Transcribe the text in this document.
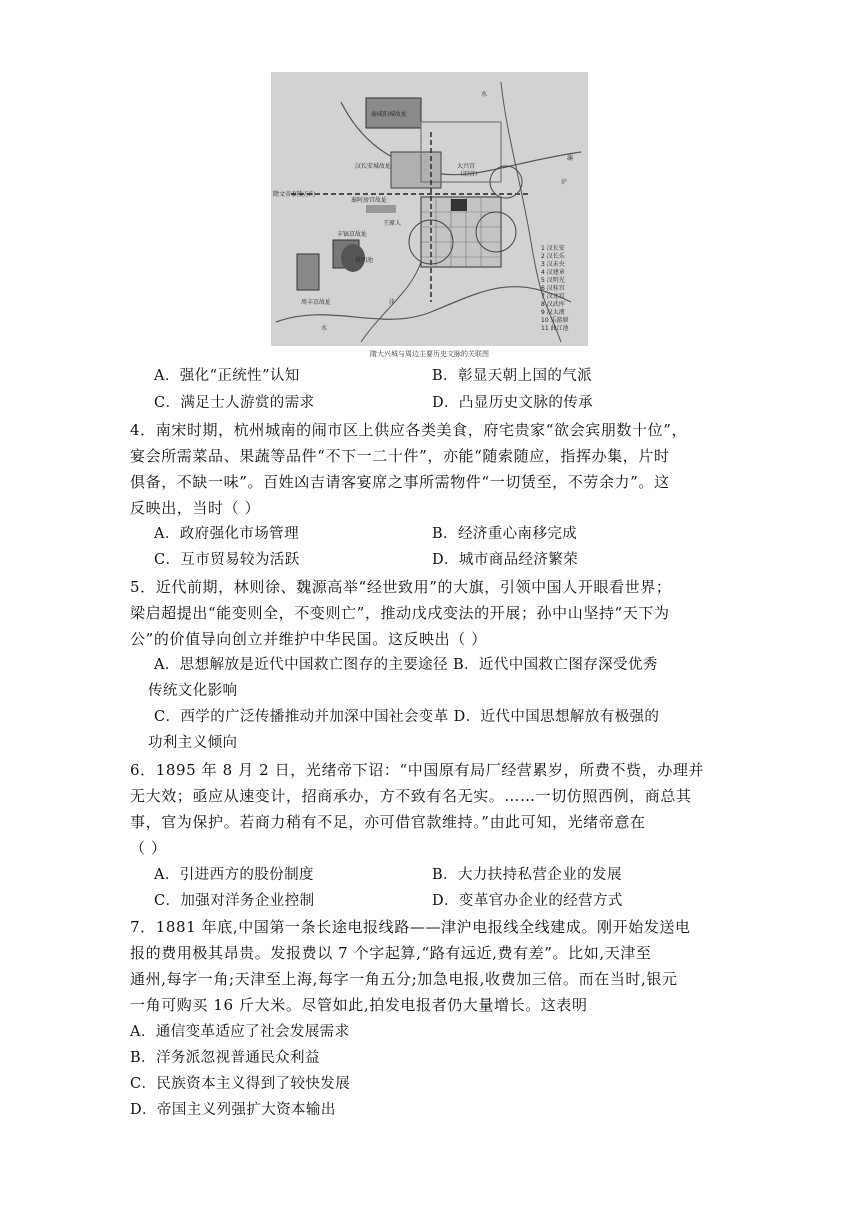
秦咸阳城故址
汉长安城故址	大兴宫
（旧宫）
秦阿房宫故址
王原人
丰镐京故址
昆明池
周丰京故址
隋文帝泰陵方向
水
水
沣
浐
灞
1 汉长安
2 汉长乐
3 汉未央
4 汉建章
5 汉明光
6 汉桂宫
7 汉北宫
8 汉武库
9 汉太液
10 乐游原
11 曲江池
隋大兴城与周边主要历史文脉的关联图
A．强化“正统性”认知	B．彰显天朝上国的气派
C．满足士人游赏的需求	D．凸显历史文脉的传承
4．南宋时期，杭州城南的闹市区上供应各类美食，府宅贵家“欲会宾朋数十位”，
宴会所需菜品、果蔬等品件“不下一二十件”，亦能“随索随应，指挥办集，片时
俱备，不缺一味”。百姓凶吉请客宴席之事所需物件“一切赁至，不劳余力”。这
反映出，当时（ ）
A．政府强化市场管理	B．经济重心南移完成
C．互市贸易较为活跃	D．城市商品经济繁荣
5．近代前期，林则徐、魏源高举“经世致用”的大旗，引领中国人开眼看世界；
梁启超提出“能变则全，不变则亡”，推动戊戌变法的开展；孙中山坚持“天下为
公”的价值导向创立并维护中华民国。这反映出（ ）
A．思想解放是近代中国救亡图存的主要途径 B．近代中国救亡图存深受优秀
传统文化影响
C．西学的广泛传播推动并加深中国社会变革 D．近代中国思想解放有极强的
功利主义倾向
6．1895 年 8 月 2 日，光绪帝下诏：“中国原有局厂经营累岁，所费不赀，办理并
无大效；亟应从速变计，招商承办，方不致有名无实。……一切仿照西例，商总其
事，官为保护。若商力稍有不足，亦可借官款维持。”由此可知，光绪帝意在
（ ）
A．引进西方的股份制度	B．大力扶持私营企业的发展
C．加强对洋务企业控制	D．变革官办企业的经营方式
7．1881 年底,中国第一条长途电报线路——津沪电报线全线建成。刚开始发送电
报的费用极其昂贵。发报费以 7 个字起算,“路有远近,费有差”。比如,天津至
通州,每字一角;天津至上海,每字一角五分;加急电报,收费加三倍。而在当时,银元
一角可购买 16 斤大米。尽管如此,拍发电报者仍大量增长。这表明
A．通信变革适应了社会发展需求
B．洋务派忽视普通民众利益
C．民族资本主义得到了较快发展
D．帝国主义列强扩大资本输出
